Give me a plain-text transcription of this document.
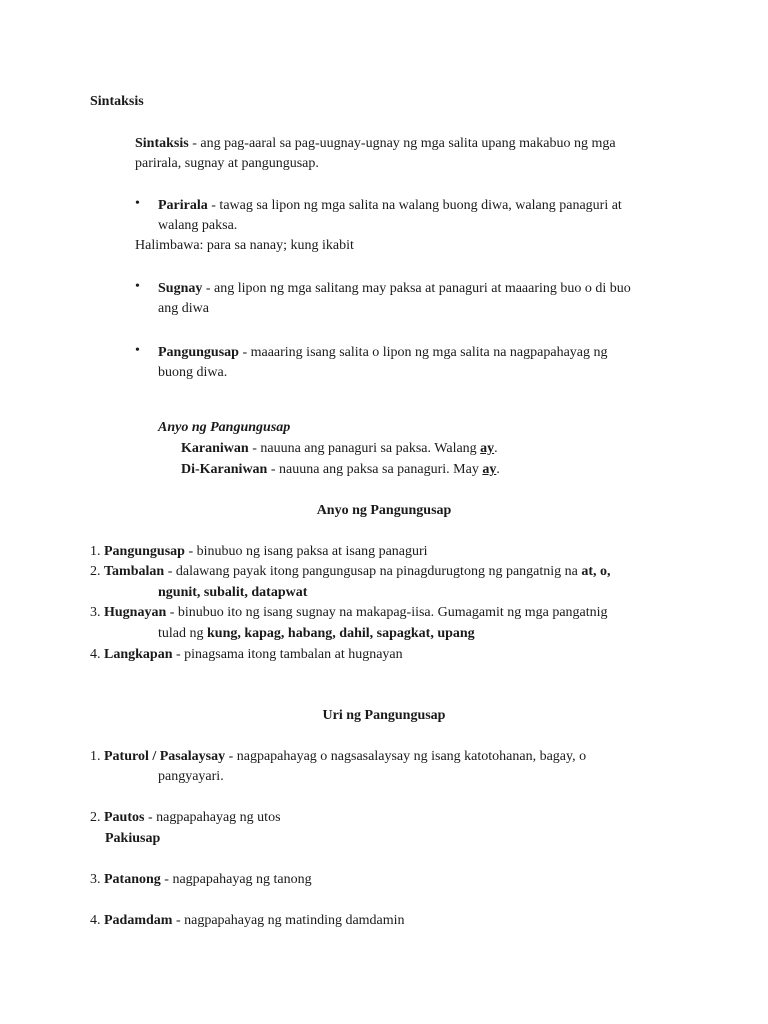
Sintaksis
Sintaksis - ang pag-aaral sa pag-uugnay-ugnay ng mga salita upang makabuo ng mga
parirala, sugnay at pangungusap.
•	Parirala - tawag sa lipon ng mga salita na walang buong diwa, walang panaguri at
walang paksa.
Halimbawa: para sa nanay; kung ikabit
•	Sugnay - ang lipon ng mga salitang may paksa at panaguri at maaaring buo o di buo
ang diwa
•	Pangungusap - maaaring isang salita o lipon ng mga salita na nagpapahayag ng
buong diwa.
Anyo ng Pangungusap
Karaniwan - nauuna ang panaguri sa paksa. Walang ay.
Di-Karaniwan - nauuna ang paksa sa panaguri. May ay.
Anyo ng Pangungusap
1. Pangungusap - binubuo ng isang paksa at isang panaguri
2. Tambalan - dalawang payak itong pangungusap na pinagdurugtong ng pangatnig na at, o,
ngunit, subalit, datapwat
3. Hugnayan - binubuo ito ng isang sugnay na makapag-iisa. Gumagamit ng mga pangatnig
tulad ng kung, kapag, habang, dahil, sapagkat, upang
4. Langkapan - pinagsama itong tambalan at hugnayan
Uri ng Pangungusap
1. Paturol / Pasalaysay - nagpapahayag o nagsasalaysay ng isang katotohanan, bagay, o
pangyayari.
2. Pautos - nagpapahayag ng utos
Pakiusap
3. Patanong - nagpapahayag ng tanong
4. Padamdam - nagpapahayag ng matinding damdamin
